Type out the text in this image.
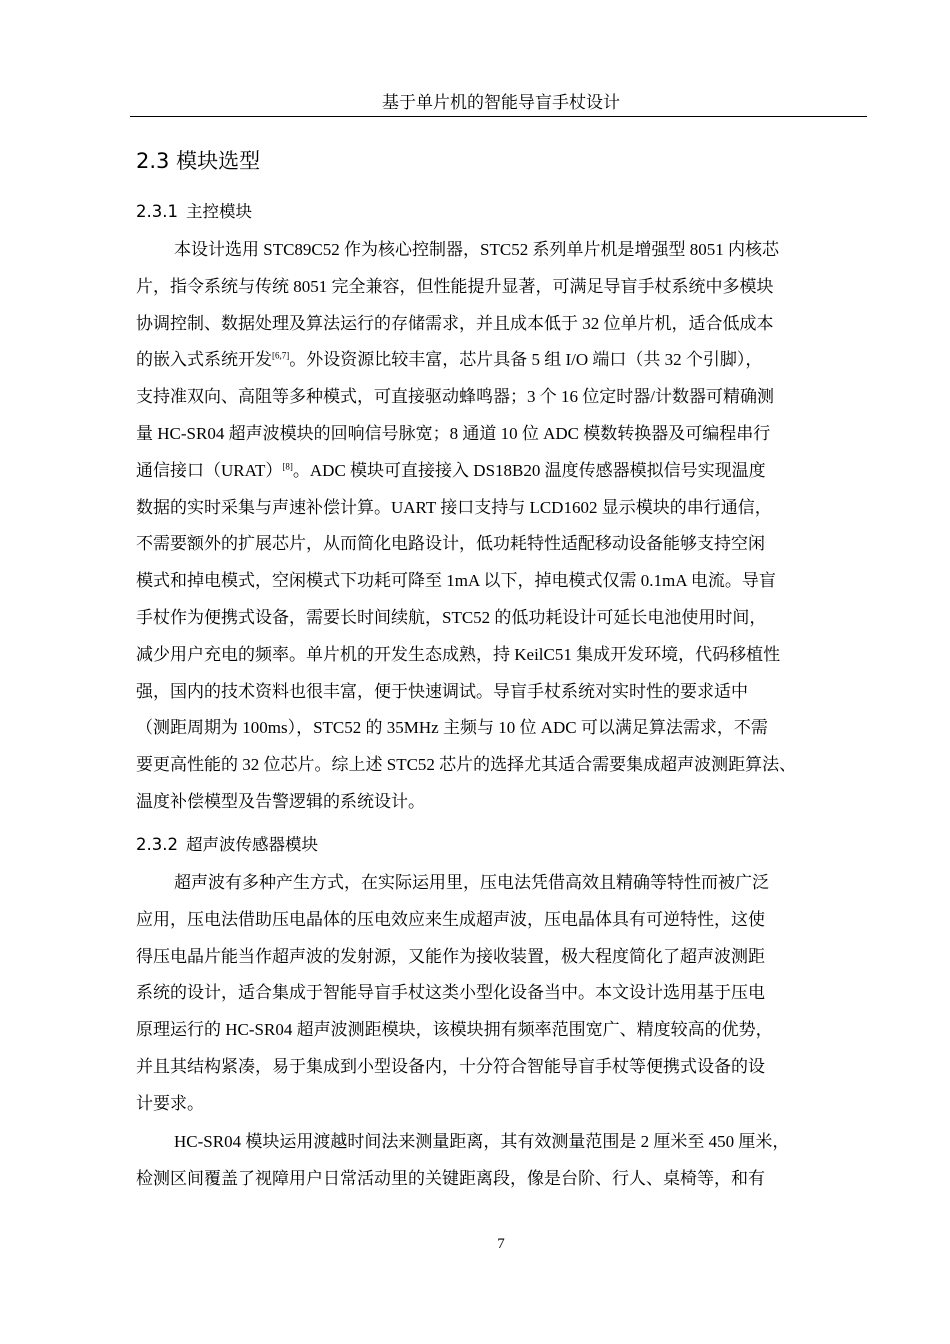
基于单片机的智能导盲手杖设计
2.3 模块选型
2.3.1 主控模块
本设计选用 STC89C52 作为核心控制器，STC52 系列单片机是增强型 8051 内核芯
片，指令系统与传统 8051 完全兼容，但性能提升显著，可满足导盲手杖系统中多模块
协调控制、数据处理及算法运行的存储需求，并且成本低于 32 位单片机，适合低成本
的嵌入式系统开发[6,7]。外设资源比较丰富，芯片具备 5 组 I/O 端口（共 32 个引脚），
支持准双向、高阻等多种模式，可直接驱动蜂鸣器；3 个 16 位定时器/计数器可精确测
量 HC-SR04 超声波模块的回响信号脉宽；8 通道 10 位 ADC 模数转换器及可编程串行
通信接口（URAT）[8]。ADC 模块可直接接入 DS18B20 温度传感器模拟信号实现温度
数据的实时采集与声速补偿计算。UART 接口支持与 LCD1602 显示模块的串行通信，
不需要额外的扩展芯片，从而简化电路设计，低功耗特性适配移动设备能够支持空闲
模式和掉电模式，空闲模式下功耗可降至 1mA 以下，掉电模式仅需 0.1mA 电流。导盲
手杖作为便携式设备，需要长时间续航，STC52 的低功耗设计可延长电池使用时间，
减少用户充电的频率。单片机的开发生态成熟，持 KeilC51 集成开发环境，代码移植性
强，国内的技术资料也很丰富，便于快速调试。导盲手杖系统对实时性的要求适中
（测距周期为 100ms），STC52 的 35MHz 主频与 10 位 ADC 可以满足算法需求，不需
要更高性能的 32 位芯片。综上述 STC52 芯片的选择尤其适合需要集成超声波测距算法、
温度补偿模型及告警逻辑的系统设计。
2.3.2 超声波传感器模块
超声波有多种产生方式，在实际运用里，压电法凭借高效且精确等特性而被广泛
应用，压电法借助压电晶体的压电效应来生成超声波，压电晶体具有可逆特性，这使
得压电晶片能当作超声波的发射源，又能作为接收装置，极大程度简化了超声波测距
系统的设计，适合集成于智能导盲手杖这类小型化设备当中。本文设计选用基于压电
原理运行的 HC-SR04 超声波测距模块，该模块拥有频率范围宽广、精度较高的优势，
并且其结构紧凑，易于集成到小型设备内，十分符合智能导盲手杖等便携式设备的设
计要求。
HC-SR04 模块运用渡越时间法来测量距离，其有效测量范围是 2 厘米至 450 厘米，
检测区间覆盖了视障用户日常活动里的关键距离段，像是台阶、行人、桌椅等，和有
7
